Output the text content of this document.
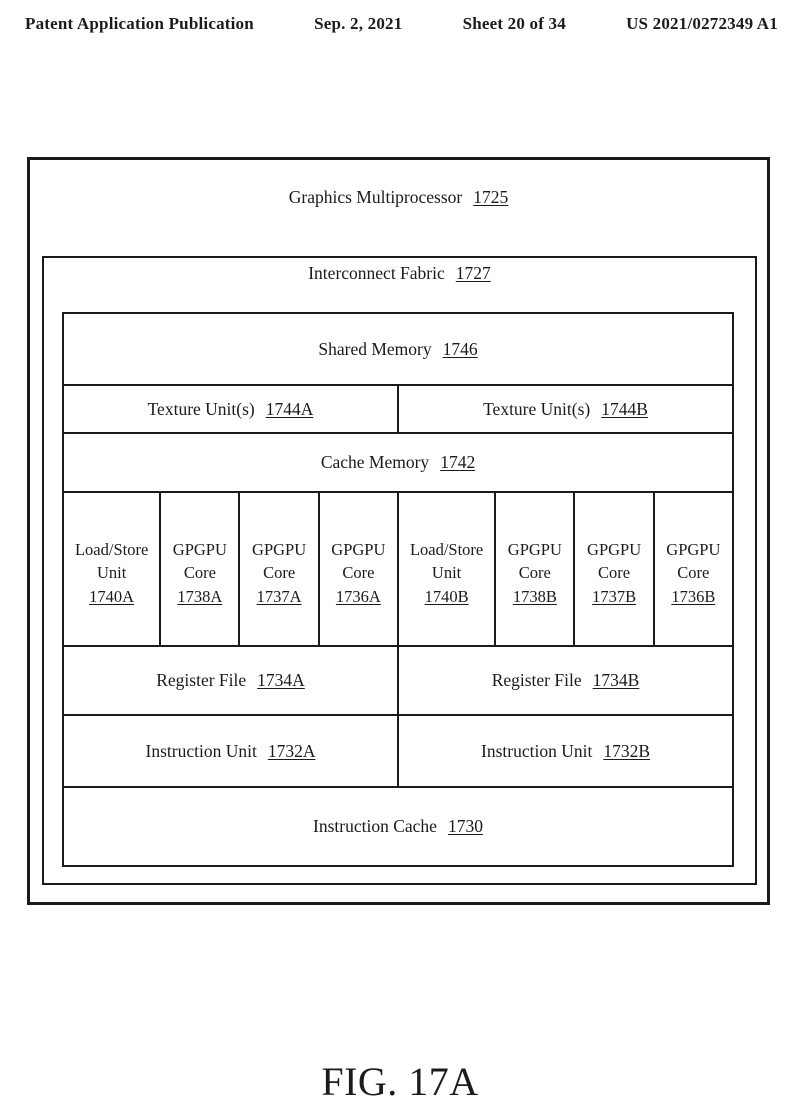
Patent Application Publication	Sep. 2, 2021	Sheet 20 of 34	US 2021/0272349 A1
Graphics Multiprocessor 1725
Interconnect Fabric 1727
Shared Memory 1746
Texture Unit(s) 1744A	Texture Unit(s) 1744B
Cache Memory 1742
Load/Store
Unit
1740A
GPGPU
Core
1738A
GPGPU
Core
1737A
GPGPU
Core
1736A
Load/Store
Unit
1740B
GPGPU
Core
1738B
GPGPU
Core
1737B
GPGPU
Core
1736B
Register File 1734A	Register File 1734B
Instruction Unit 1732A	Instruction Unit 1732B
Instruction Cache 1730
FIG. 17A
